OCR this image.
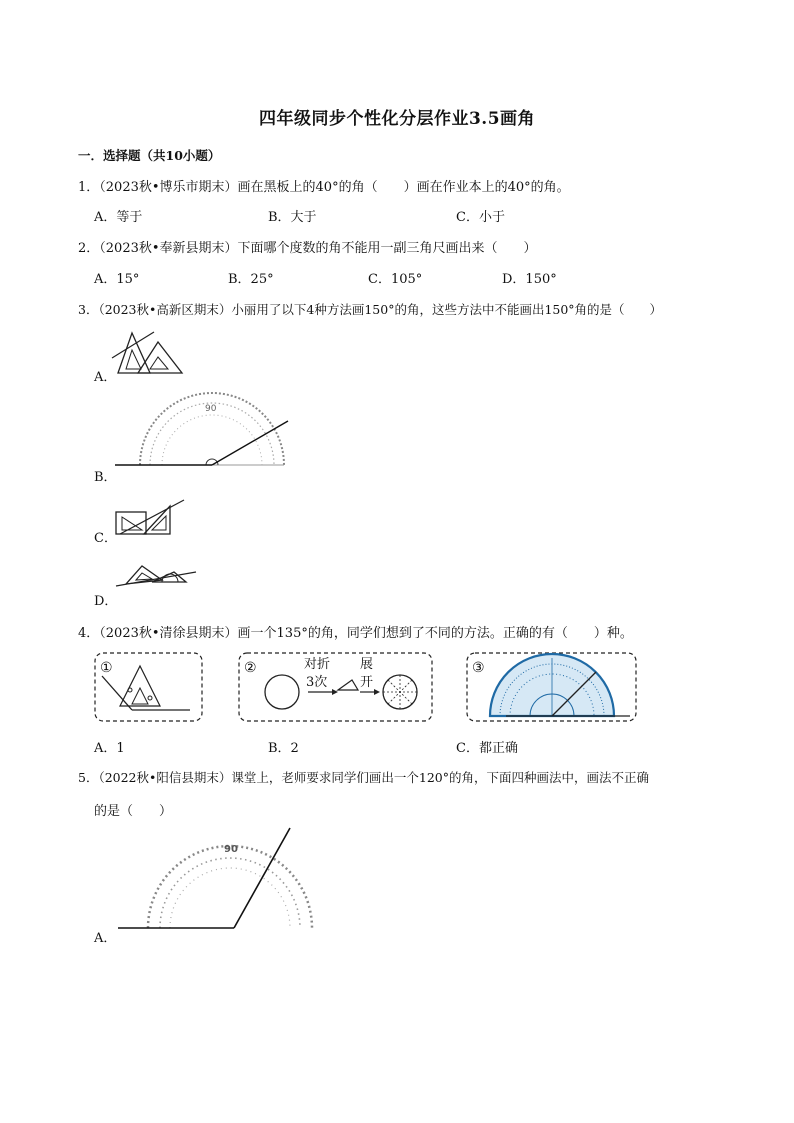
四年级同步个性化分层作业3.5画角
一．选择题（共10小题）
1．（2023秋•博乐市期末）画在黑板上的40°的角（　　）画在作业本上的40°的角。
A．等于	B．大于	C．小于
2．（2023秋•奉新县期末）下面哪个度数的角不能用一副三角尺画出来（　　）
A．15°	B．25°	C．105°	D．150°
3．（2023秋•高新区期末）小丽用了以下4种方法画150°的角，这些方法中不能画出150°角的是（　　）
A．
B．
90
C．
D．
4．（2023秋•清徐县期末）画一个135°的角，同学们想到了不同的方法。正确的有（　　）种。
①	②	对折
3次
展
开
③
A．1	B．2	C．都正确
5．（2022秋•阳信县期末）课堂上，老师要求同学们画出一个120°的角，下面四种画法中，画法不正确
的是（　　）
A．
90
